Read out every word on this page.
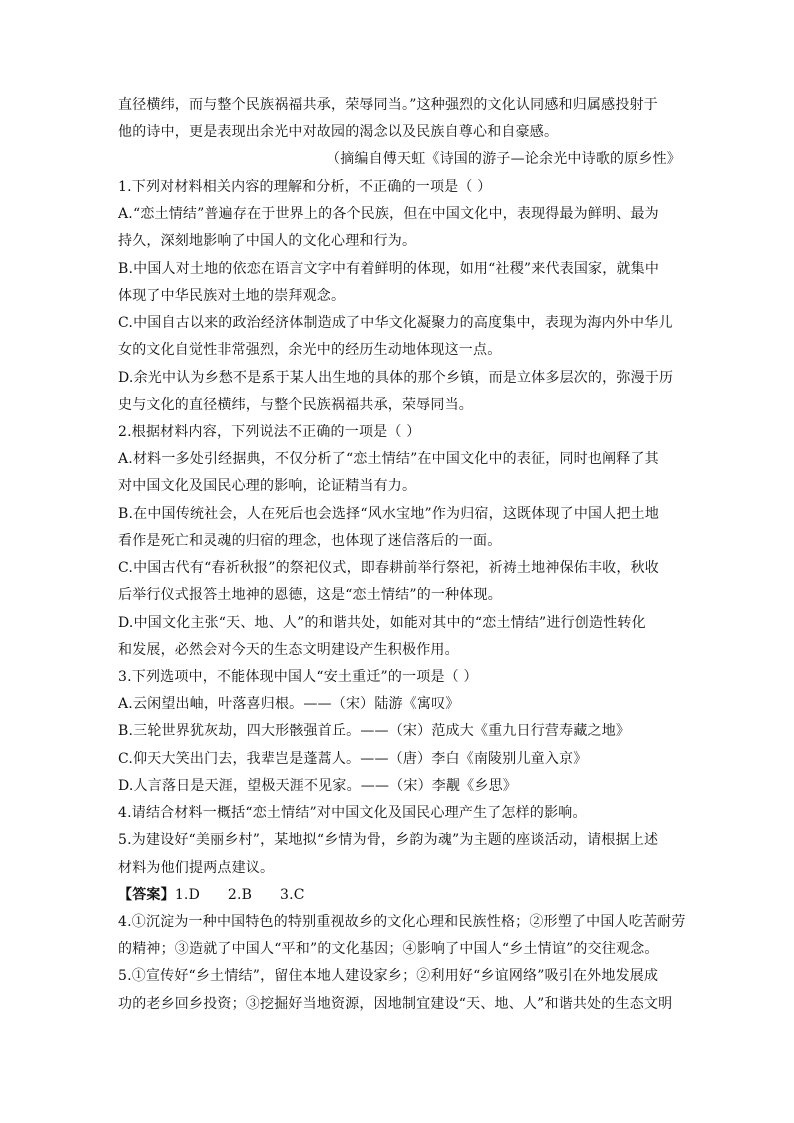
直径横纬，而与整个民族祸福共承，荣辱同当。”这种强烈的文化认同感和归属感投射于
他的诗中，更是表现出余光中对故园的渴念以及民族自尊心和自豪感。
（摘编自傅天虹《诗国的游子—论余光中诗歌的原乡性》
1.下列对材料相关内容的理解和分析，不正确的一项是（ ）
A.“恋土情结”普遍存在于世界上的各个民族，但在中国文化中，表现得最为鲜明、最为
持久，深刻地影响了中国人的文化心理和行为。
B.中国人对土地的依恋在语言文字中有着鲜明的体现，如用“社稷”来代表国家，就集中
体现了中华民族对土地的崇拜观念。
C.中国自古以来的政治经济体制造成了中华文化凝聚力的高度集中，表现为海内外中华儿
女的文化自觉性非常强烈，余光中的经历生动地体现这一点。
D.余光中认为乡愁不是系于某人出生地的具体的那个乡镇，而是立体多层次的，弥漫于历
史与文化的直径横纬，与整个民族祸福共承，荣辱同当。
2.根据材料内容，下列说法不正确的一项是（ ）
A.材料一多处引经据典，不仅分析了“恋土情结”在中国文化中的表征，同时也阐释了其
对中国文化及国民心理的影响，论证精当有力。
B.在中国传统社会，人在死后也会选择“风水宝地”作为归宿，这既体现了中国人把土地
看作是死亡和灵魂的归宿的理念，也体现了迷信落后的一面。
C.中国古代有“春祈秋报”的祭祀仪式，即春耕前举行祭祀，祈祷土地神保佑丰收，秋收
后举行仪式报答土地神的恩德，这是“恋土情结”的一种体现。
D.中国文化主张“天、地、人”的和谐共处，如能对其中的“恋土情结”进行创造性转化
和发展，必然会对今天的生态文明建设产生积极作用。
3.下列选项中，不能体现中国人“安土重迁”的一项是（ ）
A.云闲望出岫，叶落喜归根。——（宋）陆游《寓叹》
B.三轮世界犹灰劫，四大形骸强首丘。——（宋）范成大《重九日行营寿藏之地》
C.仰天大笑出门去，我辈岂是蓬蒿人。——（唐）李白《南陵别儿童入京》
D.人言落日是天涯，望极天涯不见家。——（宋）李觏《乡思》
4.请结合材料一概括“恋土情结”对中国文化及国民心理产生了怎样的影响。
5.为建设好“美丽乡村”，某地拟“乡情为骨，乡韵为魂”为主题的座谈活动，请根据上述
材料为他们提两点建议。
【答案】1.D      2.B      3.C
4.①沉淀为一种中国特色的特别重视故乡的文化心理和民族性格；②形塑了中国人吃苦耐劳
的精神；③造就了中国人“平和”的文化基因；④影响了中国人“乡土情谊”的交往观念。
5.①宣传好“乡土情结”，留住本地人建设家乡；②利用好“乡谊网络”吸引在外地发展成
功的老乡回乡投资；③挖掘好当地资源，因地制宜建设“天、地、人”和谐共处的生态文明
